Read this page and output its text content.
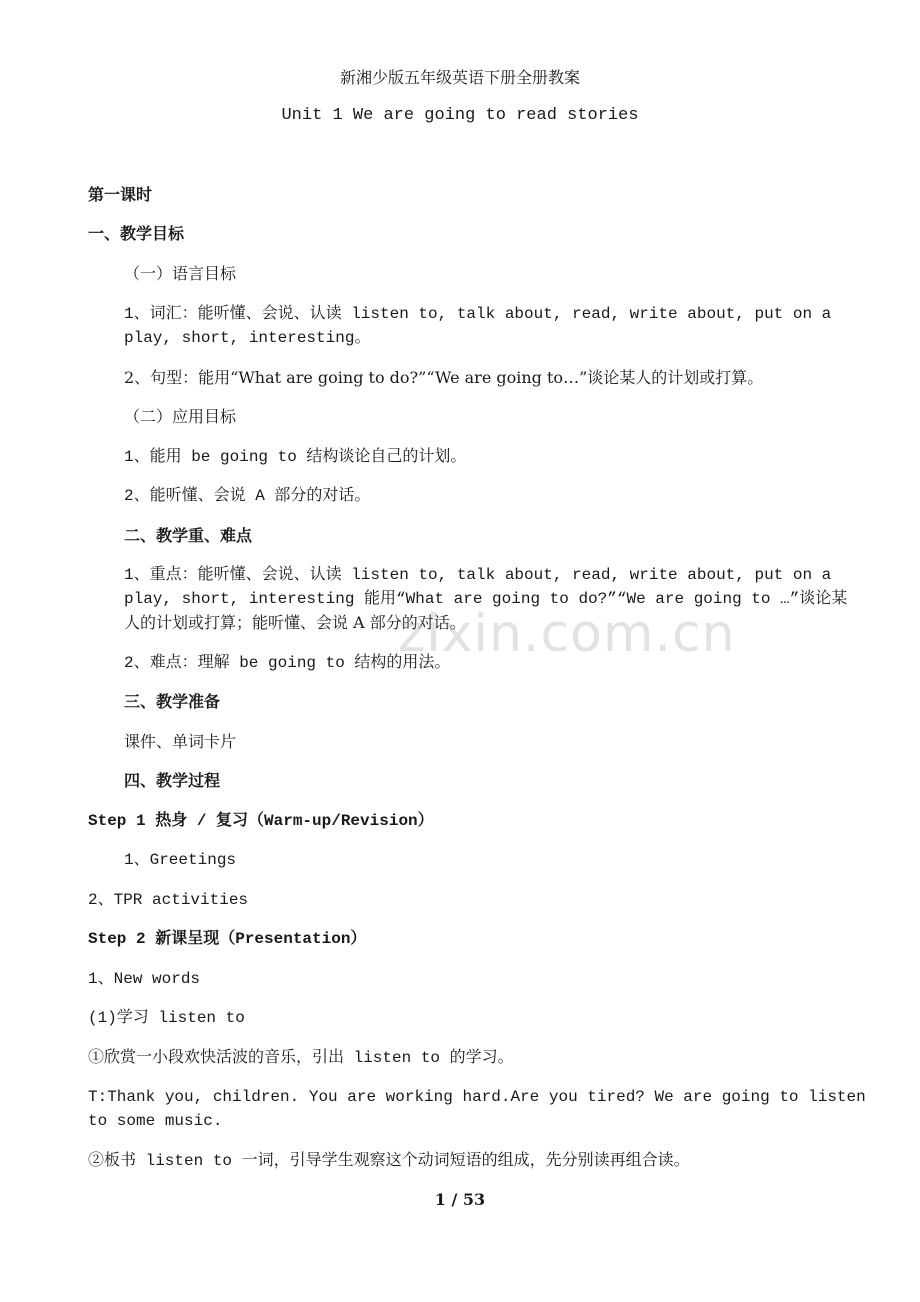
新湘少版五年级英语下册全册教案
Unit 1 We are going to read stories
第一课时
一、教学目标
（一）语言目标
1、词汇：能听懂、会说、认读 listen to, talk about, read, write about, put on a
play, short, interesting。
2、句型：能用“What are going to do?”“We are going to…”谈论某人的计划或打算。
（二）应用目标
1、能用 be going to 结构谈论自己的计划。
2、能听懂、会说 A 部分的对话。
二、教学重、难点
1、重点：能听懂、会说、认读 listen to, talk about, read, write about, put on a
play, short, interesting 能用“What are going to do?”“We are going to …”谈论某
人的计划或打算；能听懂、会说 A 部分的对话。
2、难点：理解 be going to 结构的用法。
三、教学准备
课件、单词卡片
四、教学过程
Step 1 热身 / 复习（Warm-up/Revision）
1、Greetings
2、TPR activities
Step 2 新课呈现（Presentation）
1、New words
(1)学习 listen to
①欣赏一小段欢快活波的音乐，引出 listen to 的学习。
T:Thank you, children. You are working hard.Are you tired? We are going to listen
to some music.
②板书 listen to 一词，引导学生观察这个动词短语的组成，先分别读再组合读。
zixin.com.cn
1 / 53
